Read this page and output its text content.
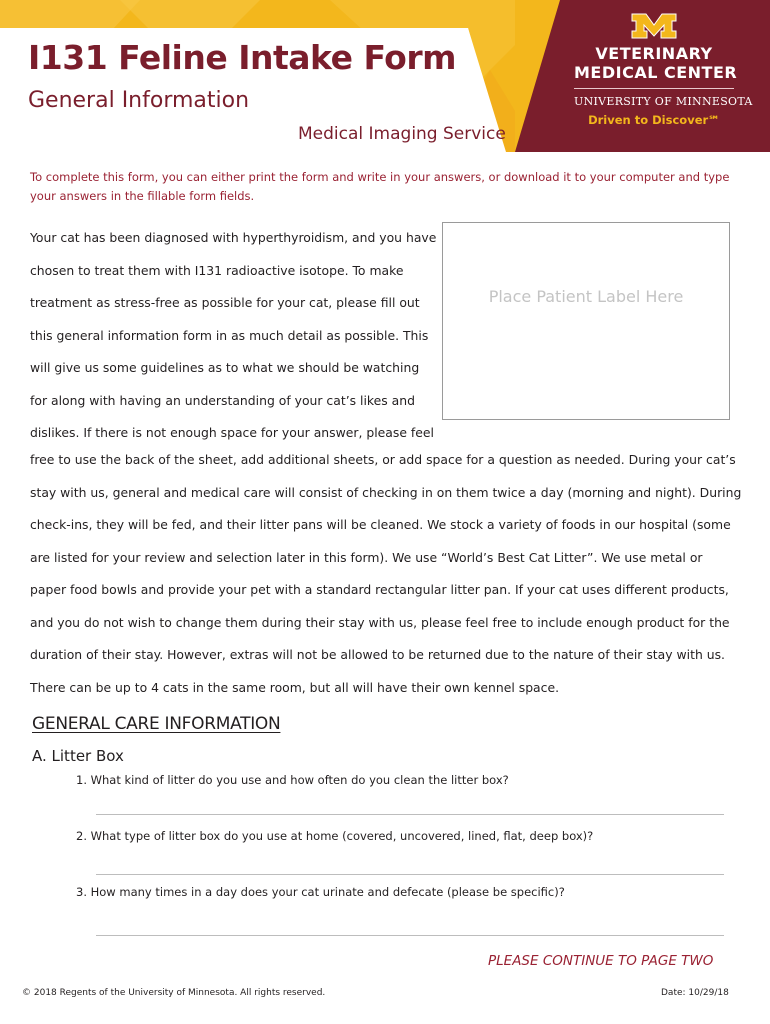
I131 Feline Intake Form
General Information
Medical Imaging Service
VETERINARY
MEDICAL CENTER
UNIVERSITY OF MINNESOTA
Driven to Discover℠
To complete this form, you can either print the form and write in your answers, or download it to your computer and type your answers in the fillable form fields.
Your cat has been diagnosed with hyperthyroidism, and you have chosen to treat them with I131 radioactive isotope. To make treatment as stress-free as possible for your cat, please fill out this general information form in as much detail as possible. This will give us some guidelines as to what we should be watching for along with having an understanding of your cat’s likes and dislikes. If there is not enough space for your answer, please feel
Place Patient Label Here
free to use the back of the sheet, add additional sheets, or add space for a question as needed. During your cat’s stay with us, general and medical care will consist of checking in on them twice a day (morning and night). During check-ins, they will be fed, and their litter pans will be cleaned. We stock a variety of foods in our hospital (some are listed for your review and selection later in this form). We use “World’s Best Cat Litter”. We use metal or paper food bowls and provide your pet with a standard rectangular litter pan. If your cat uses different products, and you do not wish to change them during their stay with us, please feel free to include enough product for the duration of their stay. However, extras will not be allowed to be returned due to the nature of their stay with us. There can be up to 4 cats in the same room, but all will have their own kennel space.
GENERAL CARE INFORMATION
A. Litter Box
1. What kind of litter do you use and how often do you clean the litter box?
2. What type of litter box do you use at home (covered, uncovered, lined, flat, deep box)?
3. How many times in a day does your cat urinate and defecate (please be specific)?
PLEASE CONTINUE TO PAGE TWO
© 2018 Regents of the University of Minnesota. All rights reserved.	Date: 10/29/18
